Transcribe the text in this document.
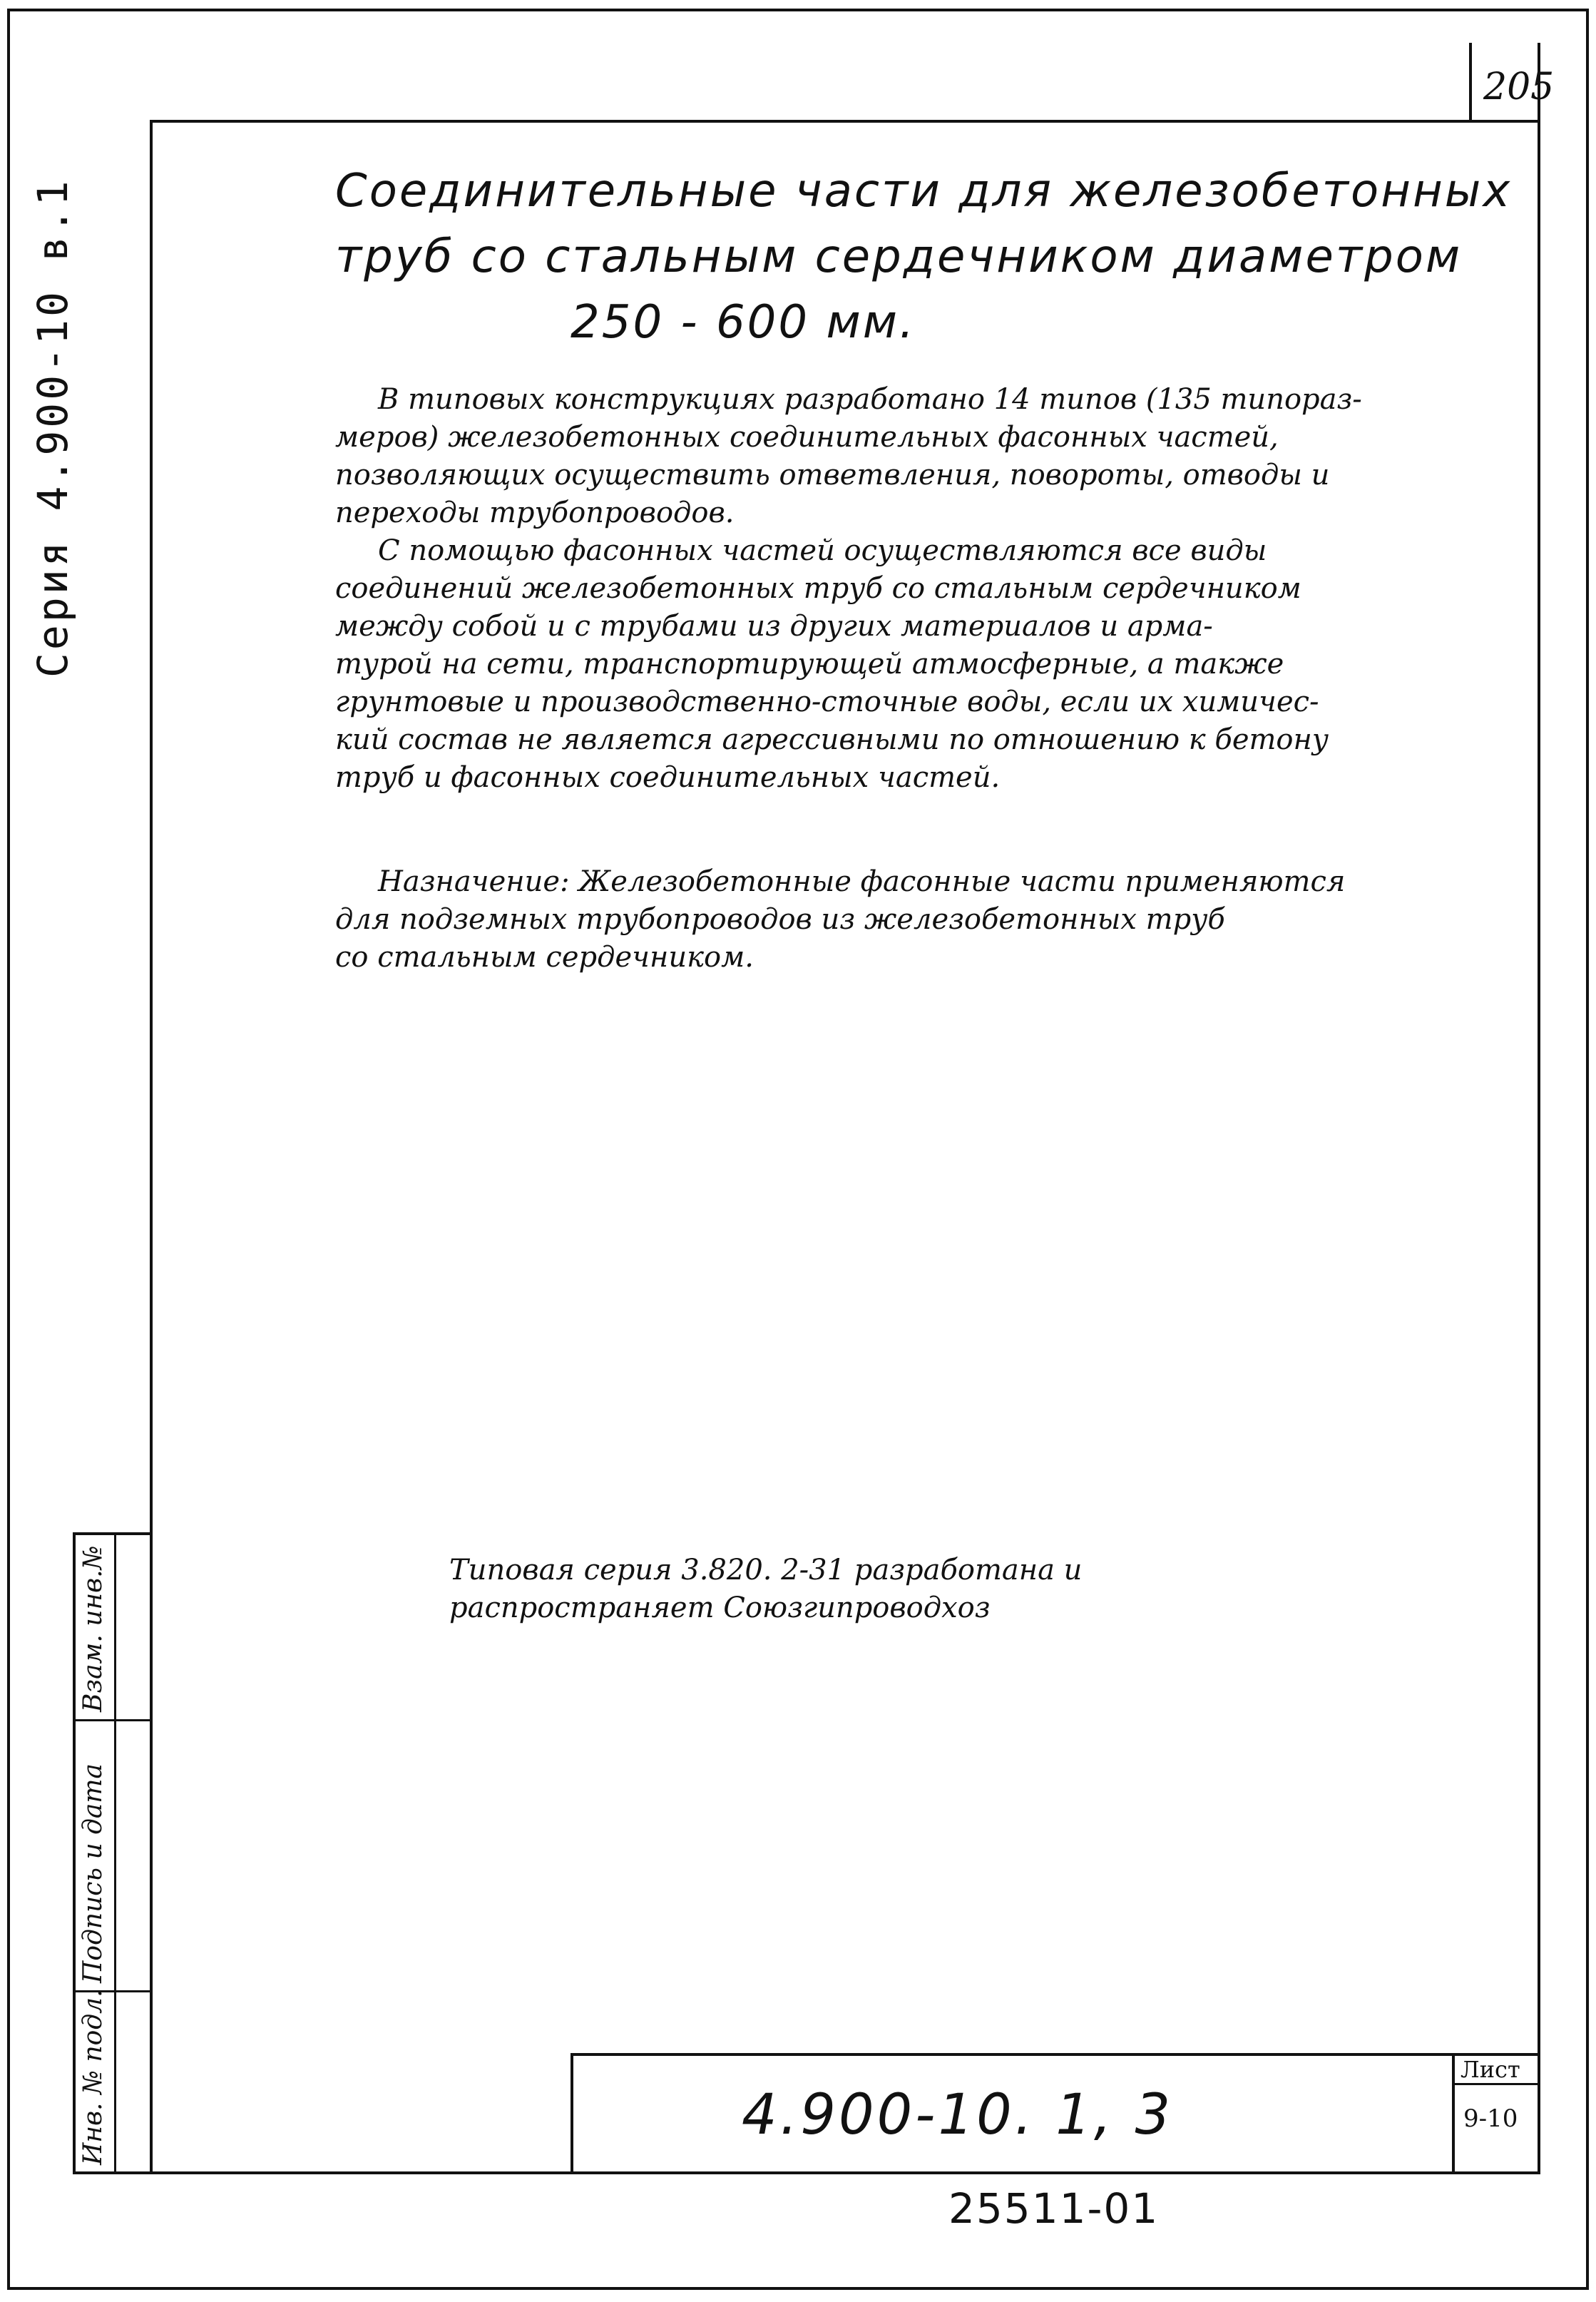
205
Серия 4.900-10 в.1	Соединительные части для железобетонных
труб со стальным сердечником диаметром
250 - 600 мм.
В типовых конструкциях разработано 14 типов (135 типораз-
меров) железобетонных соединительных фасонных частей,
позволяющих осуществить ответвления, повороты, отводы и
переходы трубопроводов.
С помощью фасонных частей осуществляются все виды
соединений железобетонных труб со стальным сердечником
между собой и с трубами из других материалов и арма-
турой на сети, транспортирующей атмосферные, а также
грунтовые и производственно-сточные воды, если их химичес-
кий состав не является агрессивными по отношению к бетону
труб и фасонных соединительных частей.
Назначение: Железобетонные фасонные части применяются
для подземных трубопроводов из железобетонных труб
со стальным сердечником.
Типовая серия 3.820. 2-31 разработана и
распространяет Союзгипроводхоз
Взам. инв.№
Подпись и дата
Инв. № подл.	4.900-10. 1, 3
Лист
9-10
25511-01
